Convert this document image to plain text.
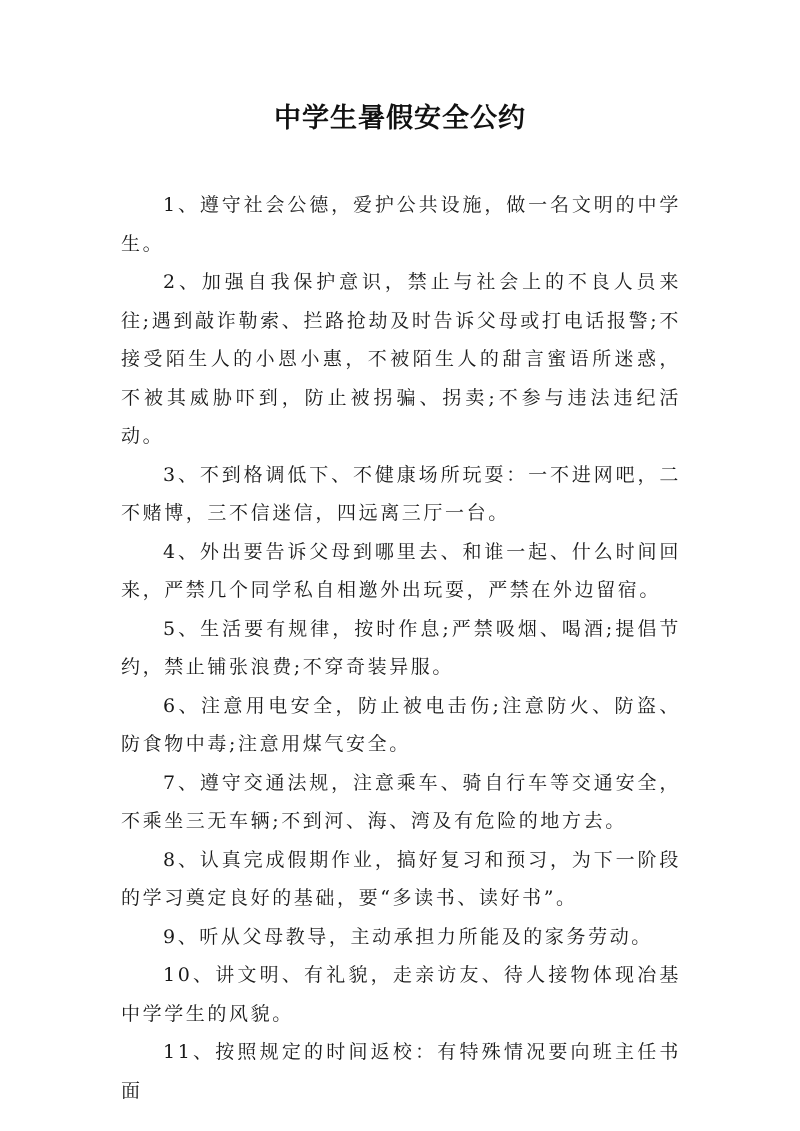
中学生暑假安全公约

1、遵守社会公德，爱护公共设施，做一名文明的中学生。

2、加强自我保护意识，禁止与社会上的不良人员来往;遇到敲诈勒索、拦路抢劫及时告诉父母或打电话报警;不接受陌生人的小恩小惠，不被陌生人的甜言蜜语所迷惑，不被其威胁吓到，防止被拐骗、拐卖;不参与违法违纪活动。

3、不到格调低下、不健康场所玩耍：一不进网吧，二不赌博，三不信迷信，四远离三厅一台。

4、外出要告诉父母到哪里去、和谁一起、什么时间回来，严禁几个同学私自相邀外出玩耍，严禁在外边留宿。

5、生活要有规律，按时作息;严禁吸烟、喝酒;提倡节约，禁止铺张浪费;不穿奇装异服。

6、注意用电安全，防止被电击伤;注意防火、防盗、防食物中毒;注意用煤气安全。

7、遵守交通法规，注意乘车、骑自行车等交通安全，不乘坐三无车辆;不到河、海、湾及有危险的地方去。

8、认真完成假期作业，搞好复习和预习，为下一阶段的学习奠定良好的基础，要“多读书、读好书”。

9、听从父母教导，主动承担力所能及的家务劳动。

10、讲文明、有礼貌，走亲访友、待人接物体现冶基中学学生的风貌。

11、按照规定的时间返校：有特殊情况要向班主任书面
